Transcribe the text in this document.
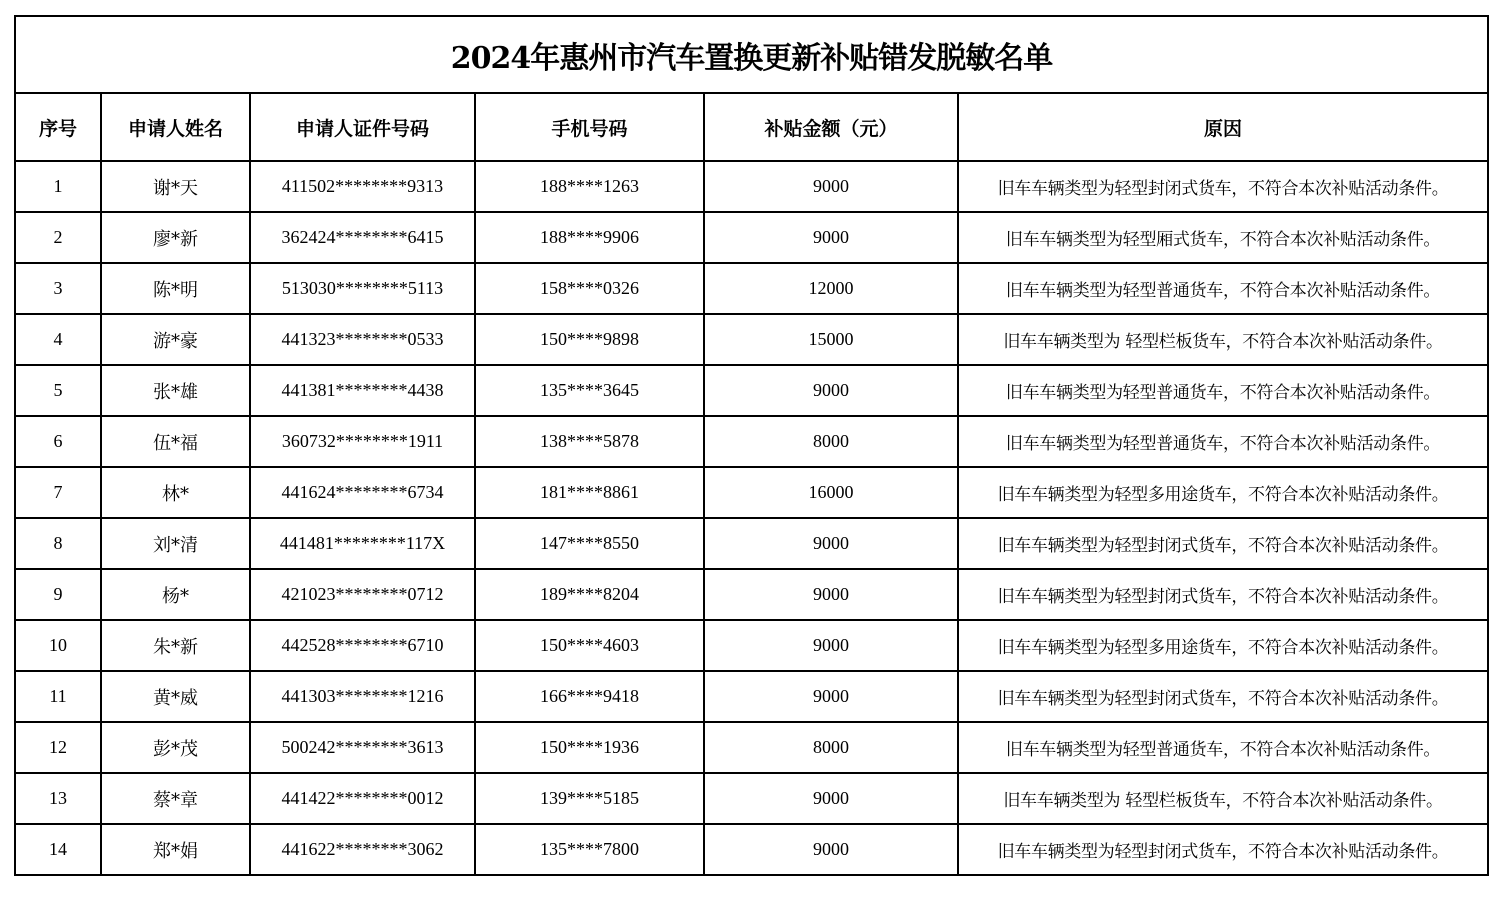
2024年惠州市汽车置换更新补贴错发脱敏名单					
序号	申请人姓名	申请人证件号码	手机号码	补贴金额（元）	原因
1	谢*天	411502********9313	188****1263	9000	旧车车辆类型为轻型封闭式货车，不符合本次补贴活动条件。
2	廖*新	362424********6415	188****9906	9000	旧车车辆类型为轻型厢式货车，不符合本次补贴活动条件。
3	陈*明	513030********5113	158****0326	12000	旧车车辆类型为轻型普通货车，不符合本次补贴活动条件。
4	游*豪	441323********0533	150****9898	15000	旧车车辆类型为 轻型栏板货车，不符合本次补贴活动条件。
5	张*雄	441381********4438	135****3645	9000	旧车车辆类型为轻型普通货车，不符合本次补贴活动条件。
6	伍*福	360732********1911	138****5878	8000	旧车车辆类型为轻型普通货车，不符合本次补贴活动条件。
7	林*	441624********6734	181****8861	16000	旧车车辆类型为轻型多用途货车，不符合本次补贴活动条件。
8	刘*清	441481********117X	147****8550	9000	旧车车辆类型为轻型封闭式货车，不符合本次补贴活动条件。
9	杨*	421023********0712	189****8204	9000	旧车车辆类型为轻型封闭式货车，不符合本次补贴活动条件。
10	朱*新	442528********6710	150****4603	9000	旧车车辆类型为轻型多用途货车，不符合本次补贴活动条件。
11	黄*威	441303********1216	166****9418	9000	旧车车辆类型为轻型封闭式货车，不符合本次补贴活动条件。
12	彭*茂	500242********3613	150****1936	8000	旧车车辆类型为轻型普通货车，不符合本次补贴活动条件。
13	蔡*章	441422********0012	139****5185	9000	旧车车辆类型为 轻型栏板货车，不符合本次补贴活动条件。
14	郑*娟	441622********3062	135****7800	9000	旧车车辆类型为轻型封闭式货车，不符合本次补贴活动条件。
